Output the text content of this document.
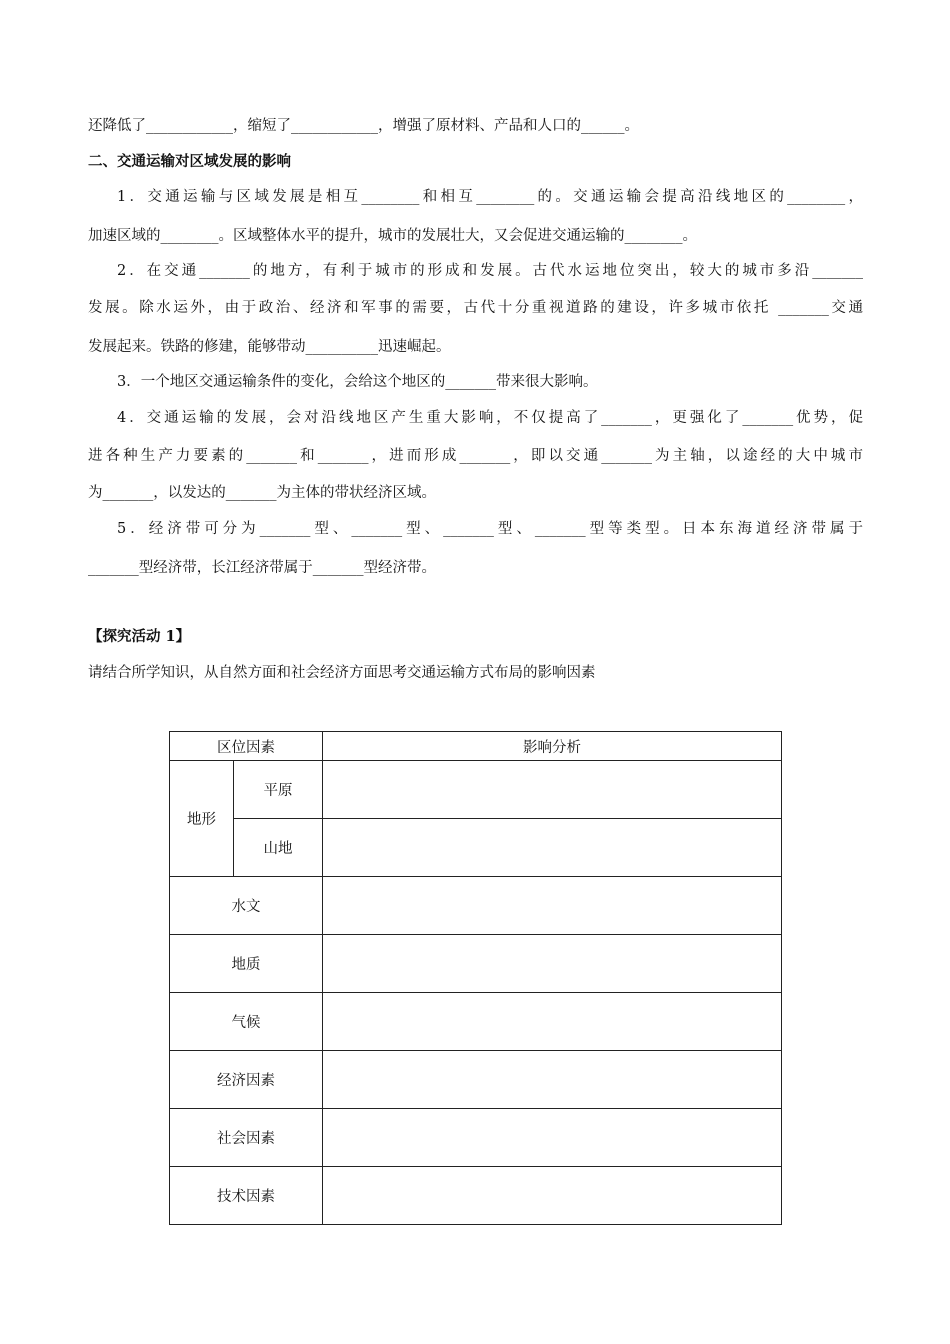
还降低了____________，缩短了____________，增强了原材料、产品和人口的______。
二、交通运输对区域发展的影响
1．交通运输与区域发展是相互________和相互________的。交通运输会提高沿线地区的________，
加速区域的________。区域整体水平的提升，城市的发展壮大，又会促进交通运输的________。
2．在交通_______的地方，有利于城市的形成和发展。古代水运地位突出，较大的城市多沿_______
发展。除水运外，由于政治、经济和军事的需要，古代十分重视道路的建设，许多城市依托 _______交通
发展起来。铁路的修建，能够带动__________迅速崛起。
3．一个地区交通运输条件的变化，会给这个地区的_______带来很大影响。
4．交通运输的发展，会对沿线地区产生重大影响，不仅提高了_______，更强化了_______优势，促
进各种生产力要素的_______和_______，进而形成_______，即以交通_______为主轴，以途经的大中城市
为_______，以发达的_______为主体的带状经济区域。
5．经济带可分为_______型、_______型、_______型、_______型等类型。日本东海道经济带属于
_______型经济带，长江经济带属于_______型经济带。
【探究活动 1】
请结合所学知识，从自然方面和社会经济方面思考交通运输方式布局的影响因素
区位因素		影响分析
地形	平原	
	山地	
水文		
地质		
气候		
经济因素		
社会因素		
技术因素		
